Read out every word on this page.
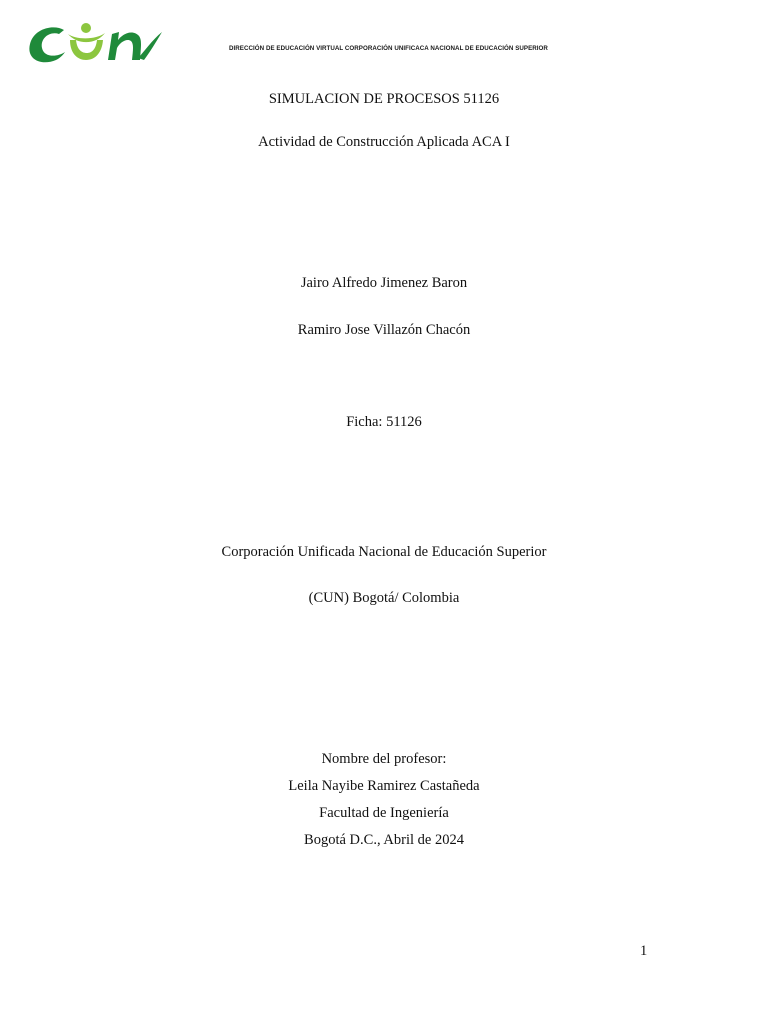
DIRECCIÓN DE EDUCACIÓN VIRTUAL CORPORACIÓN UNIFICACA NACIONAL DE EDUCACIÓN SUPERIOR
SIMULACION DE PROCESOS 51126
Actividad de Construcción Aplicada ACA I
Jairo Alfredo Jimenez Baron
Ramiro Jose Villazón Chacón
Ficha: 51126
Corporación Unificada Nacional de Educación Superior
(CUN) Bogotá/ Colombia
Nombre del profesor:
Leila Nayibe Ramirez Castañeda
Facultad de Ingeniería
Bogotá D.C., Abril de 2024
1
